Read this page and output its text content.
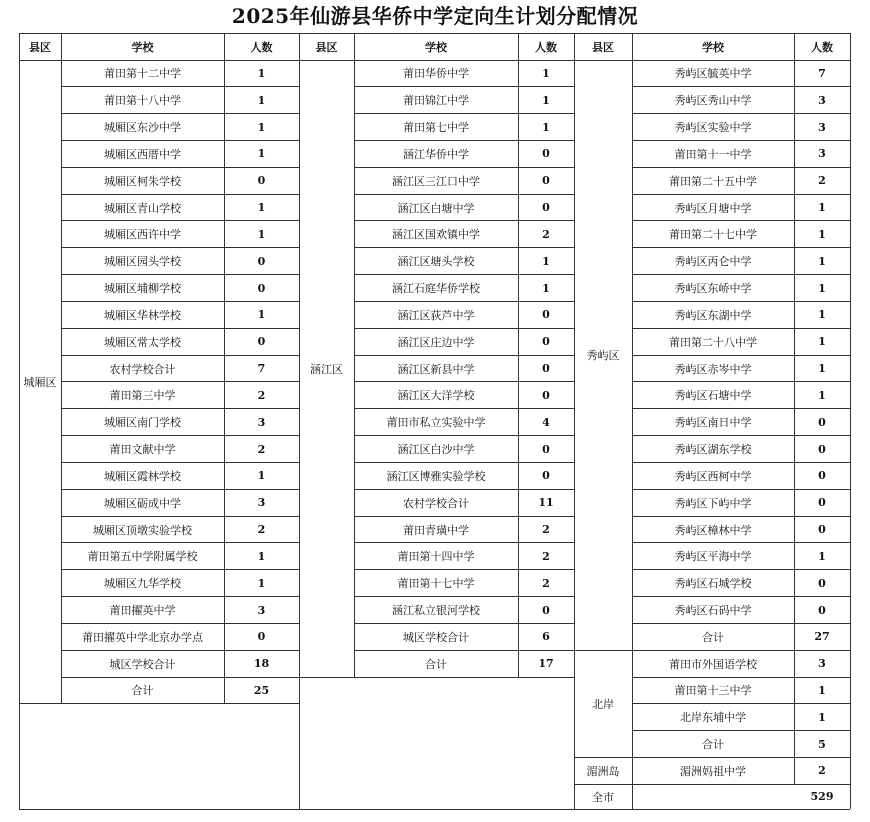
2025年仙游县华侨中学定向生计划分配情况
县区	学校	人数	县区	学校	人数	县区	学校	人数
莆田第十二中学	1
莆田第十八中学	1
城厢区东沙中学	1
城厢区西厝中学	1
城厢区柯朱学校	0
城厢区青山学校	1
城厢区西许中学	1
城厢区园头学校	0
城厢区埔柳学校	0
城厢区华林学校	1
城厢区常太学校	0
农村学校合计	7
莆田第三中学	2
城厢区南门学校	3
莆田文献中学	2
城厢区霞林学校	1
城厢区砺成中学	3
城厢区顶墩实验学校	2
莆田第五中学附属学校	1
城厢区九华学校	1
莆田擢英中学	3
莆田擢英中学北京办学点	0
城区学校合计	18
合计	25
城厢区
莆田华侨中学	1
莆田锦江中学	1
莆田第七中学	1
涵江华侨中学	0
涵江区三江口中学	0
涵江区白塘中学	0
涵江区国欢镇中学	2
涵江区塘头学校	1
涵江石庭华侨学校	1
涵江区荻芦中学	0
涵江区庄边中学	0
涵江区新县中学	0
涵江区大洋学校	0
莆田市私立实验中学	4
涵江区白沙中学	0
涵江区博雅实验学校	0
农村学校合计	11
莆田青璜中学	2
莆田第十四中学	2
莆田第十七中学	2
涵江私立银河学校	0
城区学校合计	6
合计	17
涵江区
秀屿区毓英中学	7
秀屿区秀山中学	3
秀屿区实验中学	3
莆田第十一中学	3
莆田第二十五中学	2
秀屿区月塘中学	1
莆田第二十七中学	1
秀屿区丙仑中学	1
秀屿区东峤中学	1
秀屿区东湖中学	1
莆田第二十八中学	1
秀屿区赤岑中学	1
秀屿区石塘中学	1
秀屿区南日中学	0
秀屿区湖东学校	0
秀屿区西柯中学	0
秀屿区下屿中学	0
秀屿区樟林中学	0
秀屿区平海中学	1
秀屿区石城学校	0
秀屿区石码中学	0
合计	27
秀屿区
莆田市外国语学校	3
莆田第十三中学	1
北岸东埔中学	1
合计	5
北岸
湄洲妈祖中学	2
湄洲岛
全市	529
